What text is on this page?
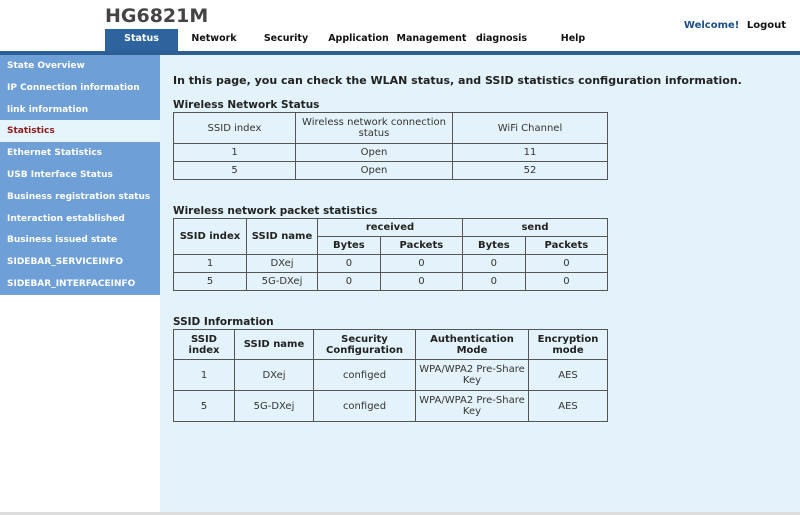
HG6821M	Welcome! Logout
Status	Network	Security	Application Management diagnosis	Help
State Overview
IP Connection information
link information
Statistics
Ethernet Statistics
USB Interface Status
Business registration status
Interaction established
Business issued state
SIDEBAR_SERVICEINFO
SIDEBAR_INTERFACEINFO
In this page, you can check the WLAN status, and SSID statistics configuration information.
Wireless Network Status
SSID index	Wireless network connection status	WiFi Channel
1	Open	11
5	Open	52
Wireless network packet statistics
SSID index	SSID name	received		send	
		Bytes	Packets	Bytes	Packets
1	DXej	0	0	0	0
5	5G-DXej	0	0	0	0
SSID Information
SSID index	SSID name	Security Configuration	Authentication Mode	Encryption mode
1	DXej	configed	WPA/WPA2 Pre-Share Key	AES
5	5G-DXej	configed	WPA/WPA2 Pre-Share Key	AES
